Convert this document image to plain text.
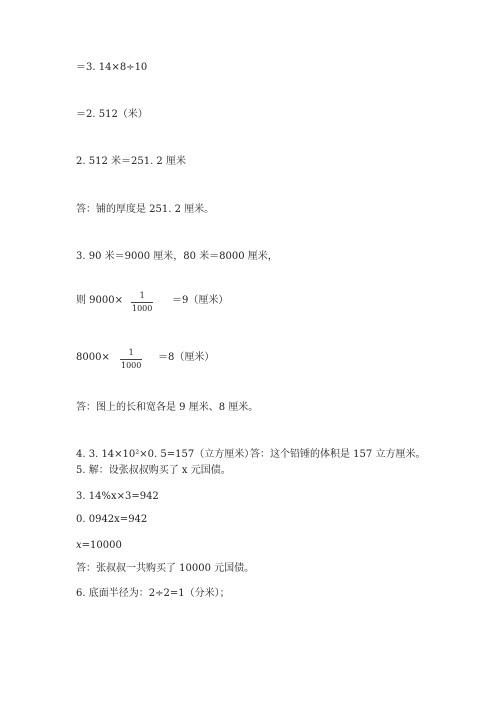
＝3. 14×8÷10
＝2. 512（米）
2. 512 米＝251. 2 厘米
答：铺的厚度是 251. 2 厘米。
3. 90 米＝9000 厘米，80 米＝8000 厘米，
则 9000× 1
1000
＝9（厘米）
8000× 1
1000
＝8（厘米）
答：图上的长和宽各是 9 厘米、8 厘米。
4. 3. 14×10²×0. 5=157（立方厘米）
答：这个铅锤的体积是 157 立方厘米。
5. 解：设张叔叔购买了 x 元国债。
3. 14%x×3=942
0. 0942x=942
x=10000
答：张叔叔一共购买了 10000 元国债。
6. 底面半径为：2÷2=1（分米）；
